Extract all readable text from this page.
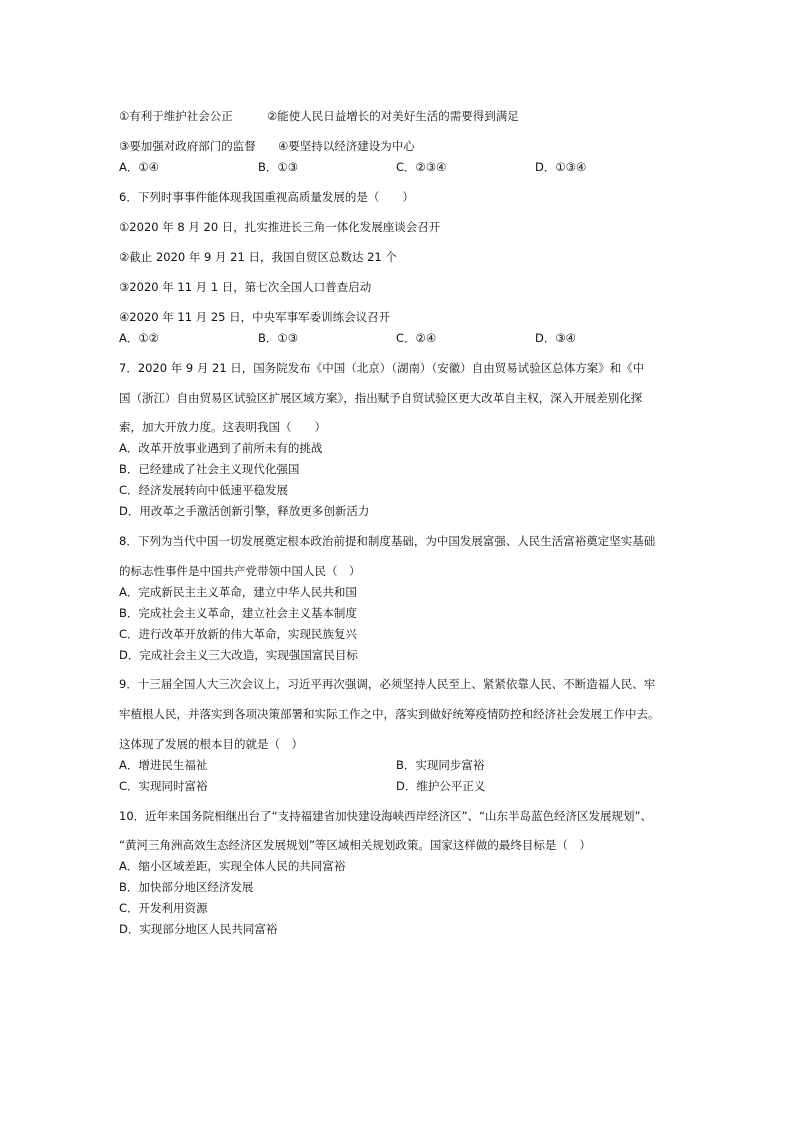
①有利于维护社会公正	②能使人民日益增长的对美好生活的需要得到满足
③要加强对政府部门的监督 ④要坚持以经济建设为中心
A．①④	B．①③	C．②③④	D．①③④
6．下列时事事件能体现我国重视高质量发展的是（　　）
①2020 年 8 月 20 日，扎实推进长三角一体化发展座谈会召开
②截止 2020 年 9 月 21 日，我国自贸区总数达 21 个
③2020 年 11 月 1 日，第七次全国人口普查启动
④2020 年 11 月 25 日，中央军事军委训练会议召开
A．①②	B．①③	C．②④	D．③④
7．2020 年 9 月 21 日，国务院发布《中国（北京）（湖南）（安徽）自由贸易试验区总体方案》和《中
国（浙江）自由贸易区试验区扩展区域方案》，指出赋予自贸试验区更大改革自主权，深入开展差别化探
索，加大开放力度。这表明我国（　　）
A．改革开放事业遇到了前所未有的挑战
B．已经建成了社会主义现代化强国
C．经济发展转向中低速平稳发展
D．用改革之手激活创新引擎，释放更多创新活力
8．下列为当代中国一切发展奠定根本政治前提和制度基础，为中国发展富强、人民生活富裕奠定坚实基础
的标志性事件是中国共产党带领中国人民（　）
A．完成新民主主义革命，建立中华人民共和国
B．完成社会主义革命，建立社会主义基本制度
C．进行改革开放新的伟大革命，实现民族复兴
D．完成社会主义三大改造，实现强国富民目标
9．十三届全国人大三次会议上，习近平再次强调，必须坚持人民至上、紧紧依靠人民、不断造福人民、牢
牢植根人民，并落实到各项决策部署和实际工作之中，落实到做好统筹疫情防控和经济社会发展工作中去。
这体现了发展的根本目的就是（　）
A．增进民生福祉	B．实现同步富裕
C．实现同时富裕	D．维护公平正义
10．近年来国务院相继出台了“支持福建省加快建设海峡西岸经济区”、“山东半岛蓝色经济区发展规划”、
“黄河三角洲高效生态经济区发展规划”等区域相关规划政策。国家这样做的最终目标是（　）
A．缩小区域差距，实现全体人民的共同富裕
B．加快部分地区经济发展
C．开发利用资源
D．实现部分地区人民共同富裕
